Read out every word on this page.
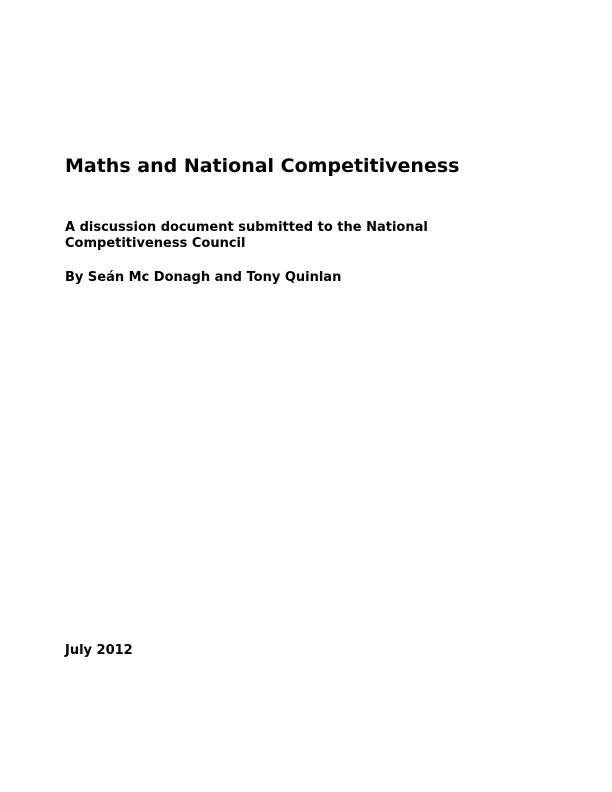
Maths and National Competitiveness

A discussion document submitted to the National Competitiveness Council

By Seán Mc Donagh and Tony Quinlan

July 2012
